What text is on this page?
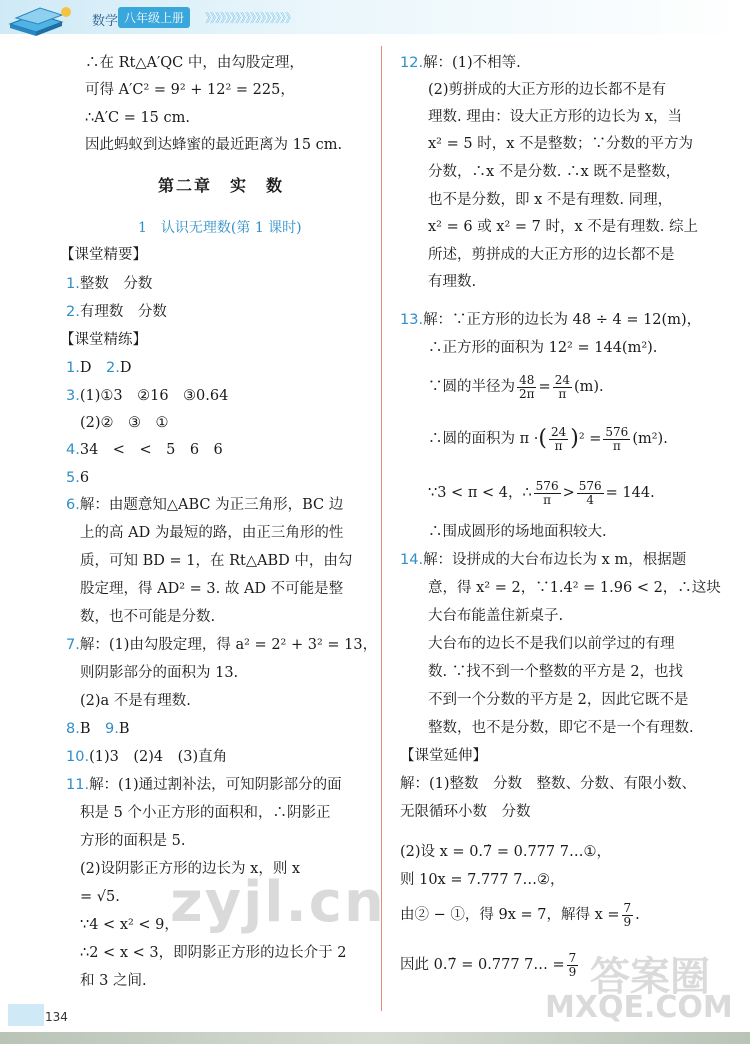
数学 八年级上册	》》》》》》》》》》》》》》》》》
∴在 Rt△A′QC 中，由勾股定理，
可得 A′C² = 9² + 12² = 225，
∴A′C = 15 cm.
因此蚂蚁到达蜂蜜的最近距离为 15 cm.
第二章　实　数
1　认识无理数(第 1 课时)
【课堂精要】
1.整数　分数
2.有理数　分数
【课堂精练】
1.D　2.D
3.(1)①3　②16　③0.64
(2)②　③　①
4.34　<　<　5　6　6
5.6
6.解：由题意知△ABC 为正三角形，BC 边
上的高 AD 为最短的路，由正三角形的性
质，可知 BD = 1，在 Rt△ABD 中，由勾
股定理，得 AD² = 3. 故 AD 不可能是整
数，也不可能是分数.
7.解：(1)由勾股定理，得 a² = 2² + 3² = 13，
则阴影部分的面积为 13.
(2)a 不是有理数.
8.B　9.B
10.(1)3　(2)4　(3)直角
11.解：(1)通过割补法，可知阴影部分的面
积是 5 个小正方形的面积和，∴阴影正
方形的面积是 5.
(2)设阴影正方形的边长为 x，则 x
= √5.
∵4 < x² < 9，
∴2 < x < 3，即阴影正方形的边长介于 2
和 3 之间.
12.解：(1)不相等.
(2)剪拼成的大正方形的边长都不是有
理数. 理由：设大正方形的边长为 x，当
x² = 5 时，x 不是整数；∵分数的平方为
分数，∴x 不是分数. ∴x 既不是整数，
也不是分数，即 x 不是有理数. 同理，
x² = 6 或 x² = 7 时，x 不是有理数. 综上
所述，剪拼成的大正方形的边长都不是
有理数.
13.解：∵正方形的边长为 48 ÷ 4 = 12(m)，
∴正方形的面积为 12² = 144(m²).
∵圆的半径为 $\frac{48}{2\pi} = \frac{24}{\pi} (m)$.
∴圆的面积为 π ·( $\frac{24}{\pi} )^2 = \frac{576}{\pi} (m^2)$.
∵3 < π < 4，∴ $\frac{576}{\pi} > \frac{576}{4} = 144$.
∴围成圆形的场地面积较大.
14.解：设拼成的大台布边长为 x m，根据题
意，得 x² = 2，∵1.4² = 1.96 < 2，∴这块
大台布能盖住新桌子.
大台布的边长不是我们以前学过的有理
数. ∵找不到一个整数的平方是 2，也找
不到一个分数的平方是 2，因此它既不是
整数，也不是分数，即它不是一个有理数.
【课堂延伸】
解：(1)整数　分数　整数、分数、有限小数、
无限循环小数　分数
(2)设 x = 0.7̇ = 0.777 7…①，
则 10x = 7.777 7…②，
由② − ①，得 9x = 7，解得 $x = \frac{7}{9}$ .
因此 0.7̇ = 0.777 7… = $\frac{7}{9}$
zyjl.cn
答案圈
MXQE.COM
134
